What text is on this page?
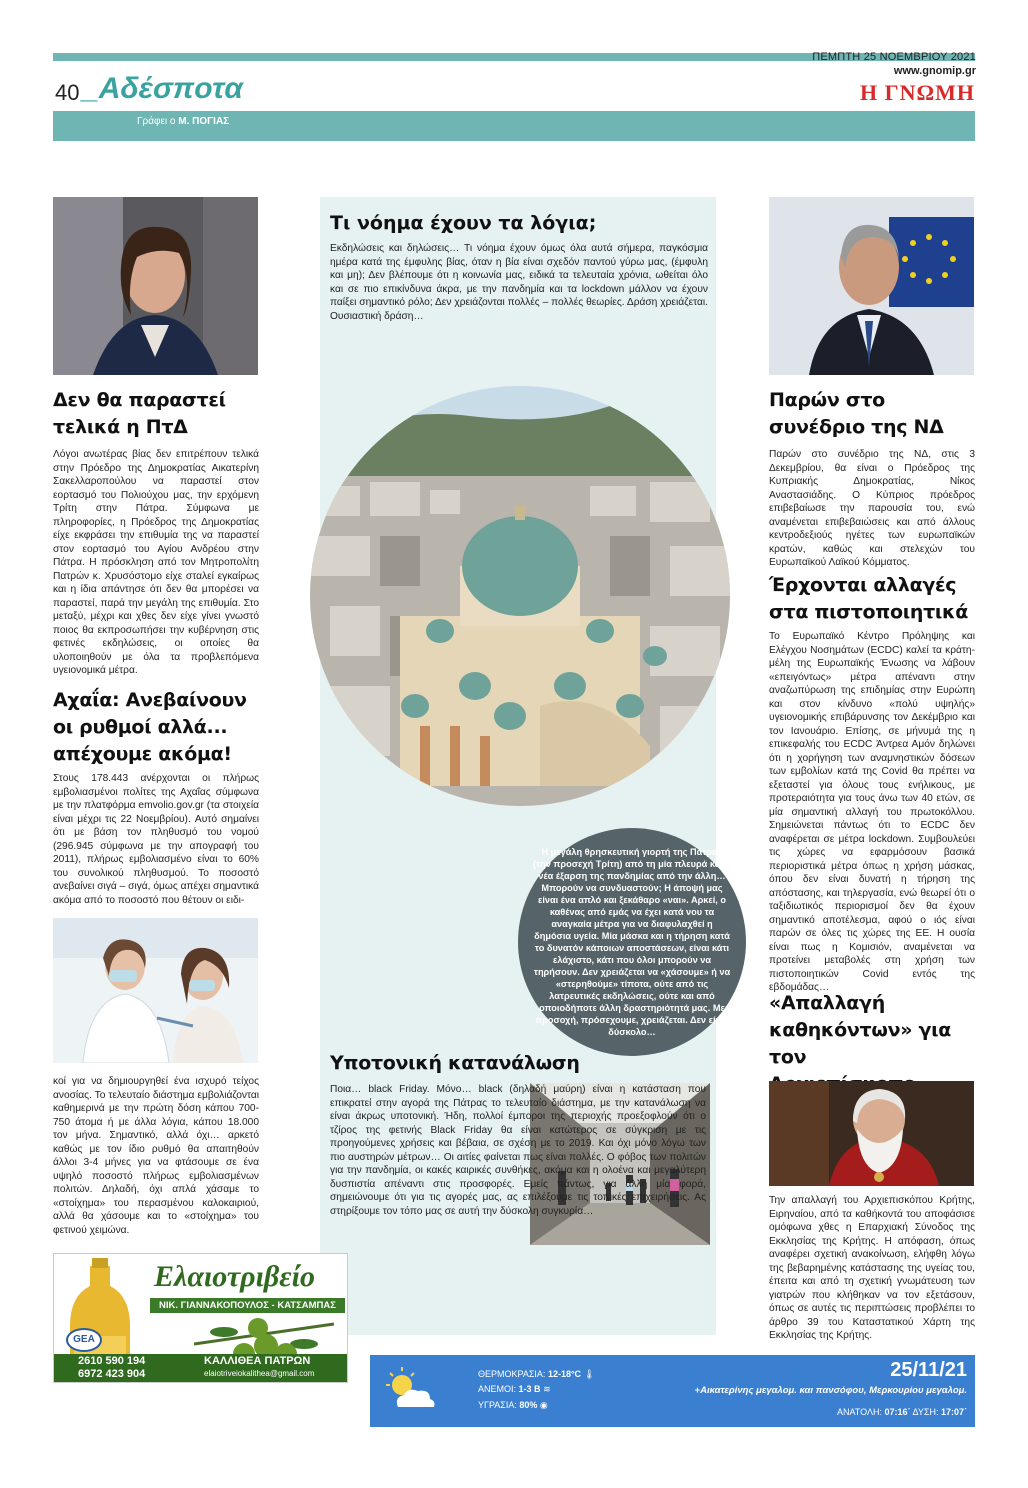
ΠΕΜΠΤΗ 25 ΝΟΕΜΒΡΙΟΥ 2021
www.gnomip.gr
Η ΓΝΩΜΗ
40 _Αδέσποτα
Γράφει ο Μ. ΠΟΓΙΑΣ
Δεν θα παραστεί
τελικά η ΠτΔ
Λόγοι ανωτέρας βίας δεν επιτρέπουν τελικά στην Πρόεδρο της Δημοκρατίας Αικατερίνη Σακελλαροπούλου να παραστεί στον εορτασμό του Πολιούχου μας, την ερχόμενη Τρίτη στην Πάτρα. Σύμφωνα με πληροφορίες, η Πρόεδρος της Δημοκρατίας είχε εκφράσει την επιθυμία της να παραστεί στον εορτασμό του Αγίου Ανδρέου στην Πάτρα. Η πρόσκληση από τον Μητροπολίτη Πατρών κ. Χρυσόστομο είχε σταλεί εγκαίρως και η ίδια απάντησε ότι δεν θα μπορέσει να παραστεί, παρά την μεγάλη της επιθυμία. Στο μεταξύ, μέχρι και χθες δεν είχε γίνει γνωστό ποιος θα εκπροσωπήσει την κυβέρνηση στις φετινές εκδηλώσεις, οι οποίες θα υλοποιηθούν με όλα τα προβλεπόμενα υγειονομικά μέτρα.
Αχαΐα: Ανεβαίνουν
οι ρυθμοί αλλά...
απέχουμε ακόμα!
Στους 178.443 ανέρχονται οι πλήρως εμβολιασμένοι πολίτες της Αχαΐας σύμφωνα με την πλατφόρμα emvolio.gov.gr (τα στοιχεία είναι μέχρι τις 22 Νοεμβρίου). Αυτό σημαίνει ότι με βάση τον πληθυσμό του νομού (296.945 σύμφωνα με την απογραφή του 2011), πλήρως εμβολιασμένο είναι το 60% του συνολικού πληθυσμού. Το ποσοστό ανεβαίνει σιγά – σιγά, όμως απέχει σημαντικά ακόμα από το ποσοστό που θέτουν οι ειδι-
κοί για να δημιουργηθεί ένα ισχυρό τείχος ανοσίας. Το τελευταίο διάστημα εμβολιάζονται καθημερινά με την πρώτη δόση κάπου 700-750 άτομα ή με άλλα λόγια, κάπου 18.000 τον μήνα. Σημαντικό, αλλά όχι… αρκετό καθώς με τον ίδιο ρυθμό θα απαιτηθούν άλλοι 3-4 μήνες για να φτάσουμε σε ένα υψηλό ποσοστό πλήρως εμβολιασμένων πολιτών. Δηλαδή, όχι απλά χάσαμε το «στοίχημα» του περασμένου καλοκαιριού, αλλά θα χάσουμε και το «στοίχημα» του φετινού χειμώνα.
Τι νόημα έχουν τα λόγια;
Εκδηλώσεις και δηλώσεις… Τι νόημα έχουν όμως όλα αυτά σήμερα, παγκόσμια ημέρα κατά της έμφυλης βίας, όταν η βία είναι σχεδόν παντού γύρω μας, (έμφυλη και μη); Δεν βλέπουμε ότι η κοινωνία μας, ειδικά τα τελευταία χρόνια, ωθείται όλο και σε πιο επικίνδυνα άκρα, με την πανδημία και τα lockdown μάλλον να έχουν παίξει σημαντικό ρόλο; Δεν χρειάζονται πολλές – πολλές θεωρίες. Δράση χρειάζεται. Ουσιαστική δράση…
Η μεγάλη θρησκευτική γιορτή της Πάτρας (την προσεχή Τρίτη) από τη μία πλευρά και η νέα έξαρση της πανδημίας από την άλλη… Μπορούν να συνδυαστούν; Η άποψή μας είναι ένα απλό και ξεκάθαρο «ναι». Αρκεί, ο καθένας από εμάς να έχει κατά νου τα αναγκαία μέτρα για να διαφυλαχθεί η δημόσια υγεία. Μία μάσκα και η τήρηση κατά το δυνατόν κάποιων αποστάσεων, είναι κάτι ελάχιστο, κάτι που όλοι μπορούν να τηρήσουν. Δεν χρειάζεται να «χάσουμε» ή να «στερηθούμε» τίποτα, ούτε από τις λατρευτικές εκδηλώσεις, ούτε και από οποιοδήποτε άλλη δραστηριότητά μας. Με προσοχή, πρόσεχουμε, χρειάζεται. Δεν είναι δύσκολο…
Υποτονική κατανάλωση
Ποια… black Friday. Μόνο… black (δηλαδή μαύρη) είναι η κατάσταση που επικρατεί στην αγορά της Πάτρας το τελευταίο διάστημα, με την κατανάλωση να είναι άκρως υποτονική. Ήδη, πολλοί έμποροι της περιοχής προεξοφλούν ότι ο τζίρος της φετινής Black Friday θα είναι κατώτερος σε σύγκριση με τις προηγούμενες χρήσεις και βέβαια, σε σχέση με το 2019. Και όχι μόνο λόγω των πιο αυστηρών μέτρων… Οι αιτίες φαίνεται πως είναι πολλές. Ο φόβος των πολιτών για την πανδημία, οι κακές καιρικές συνθήκες, ακόμα και η ολοένα και μεγαλύτερη δυσπιστία απέναντι στις προσφορές. Εμείς πάντως, για άλλη μία φορά, σημειώνουμε ότι για τις αγορές μας, ας επιλέξουμε τις τοπικές επιχειρήσεις. Ας στηρίξουμε τον τόπο μας σε αυτή την δύσκολη συγκυρία…
Παρών στο
συνέδριο της ΝΔ
Παρών στο συνέδριο της ΝΔ, στις 3 Δεκεμβρίου, θα είναι ο Πρόεδρος της Κυπριακής Δημοκρατίας, Νίκος Αναστασιάδης. Ο Κύπριος πρόεδρος επιβεβαίωσε την παρουσία του, ενώ αναμένεται επιβεβαιώσεις και από άλλους κεντροδεξιούς ηγέτες των ευρωπαϊκών κρατών, καθώς και στελεχών του Ευρωπαϊκού Λαϊκού Κόμματος.
Έρχονται αλλαγές
στα πιστοποιητικά
Το Ευρωπαϊκό Κέντρο Πρόληψης και Ελέγχου Νοσημάτων (ECDC) καλεί τα κράτη-μέλη της Ευρωπαϊκής Ένωσης να λάβουν «επειγόντως» μέτρα απέναντι στην αναζωπύρωση της επιδημίας στην Ευρώπη και στον κίνδυνο «πολύ υψηλής» υγειονομικής επιβάρυνσης τον Δεκέμβριο και τον Ιανουάριο. Επίσης, σε μήνυμά της η επικεφαλής του ECDC Άντρεα Αμόν δηλώνει ότι η χορήγηση των αναμνηστικών δόσεων των εμβολίων κατά της Covid θα πρέπει να εξεταστεί για όλους τους ενήλικους, με προτεραιότητα για τους άνω των 40 ετών, σε μία σημαντική αλλαγή του πρωτοκόλλου. Σημειώνεται πάντως ότι το ECDC δεν αναφέρεται σε μέτρα lockdown. Συμβουλεύει τις χώρες να εφαρμόσουν βασικά περιοριστικά μέτρα όπως η χρήση μάσκας, όπου δεν είναι δυνατή η τήρηση της απόστασης, και τηλεργασία, ενώ θεωρεί ότι ο ταξιδιωτικός περιορισμοί δεν θα έχουν σημαντικό αποτέλεσμα, αφού ο ιός είναι παρών σε όλες τις χώρες της ΕΕ. Η ουσία είναι πως η Κομισιόν, αναμένεται να προτείνει μεταβολές στη χρήση των πιστοποιητικών Covid εντός της εβδομάδας…
«Απαλλαγή
καθηκόντων» για τον
Την απαλλαγή του Αρχιεπισκόπου Κρήτης, Ειρηναίου, από τα καθήκοντά του αποφάσισε ομόφωνα χθες η Επαρχιακή Σύνοδος της Εκκλησίας της Κρήτης. Η απόφαση, όπως αναφέρει σχετική ανακοίνωση, ελήφθη λόγω της βεβαρημένης κατάστασης της υγείας του, έπειτα και από τη σχετική γνωμάτευση των γιατρών που κλήθηκαν να τον εξετάσουν, όπως σε αυτές τις περιπτώσεις προβλέπει το άρθρο 39 του Καταστατικού Χάρτη της Εκκλησίας της Κρήτης.
Ελαιοτριβείο
ΝΙΚ. ΓΙΑΝΝΑΚΟΠΟΥΛΟΣ - ΚΑΤΣΑΜΠΑΣ
GEA
2610 590 194
6972 423 904
ΚΑΛΛΙΘΕΑ ΠΑΤΡΩΝ
elaiotriveiokalithea@gmail.com	ΘΕΡΜΟΚΡΑΣΙΑ: 12-18°C 🌡
ΑΝΕΜΟΙ: 1-3 Β ≋
ΥΓΡΑΣΙΑ: 80% ◉
25/11/21
+Αικατερίνης μεγαλομ. και πανσόφου, Μερκουρίου μεγαλομ.
ΑΝΑΤΟΛΗ: 07:16΄ ΔΥΣΗ: 17:07΄
